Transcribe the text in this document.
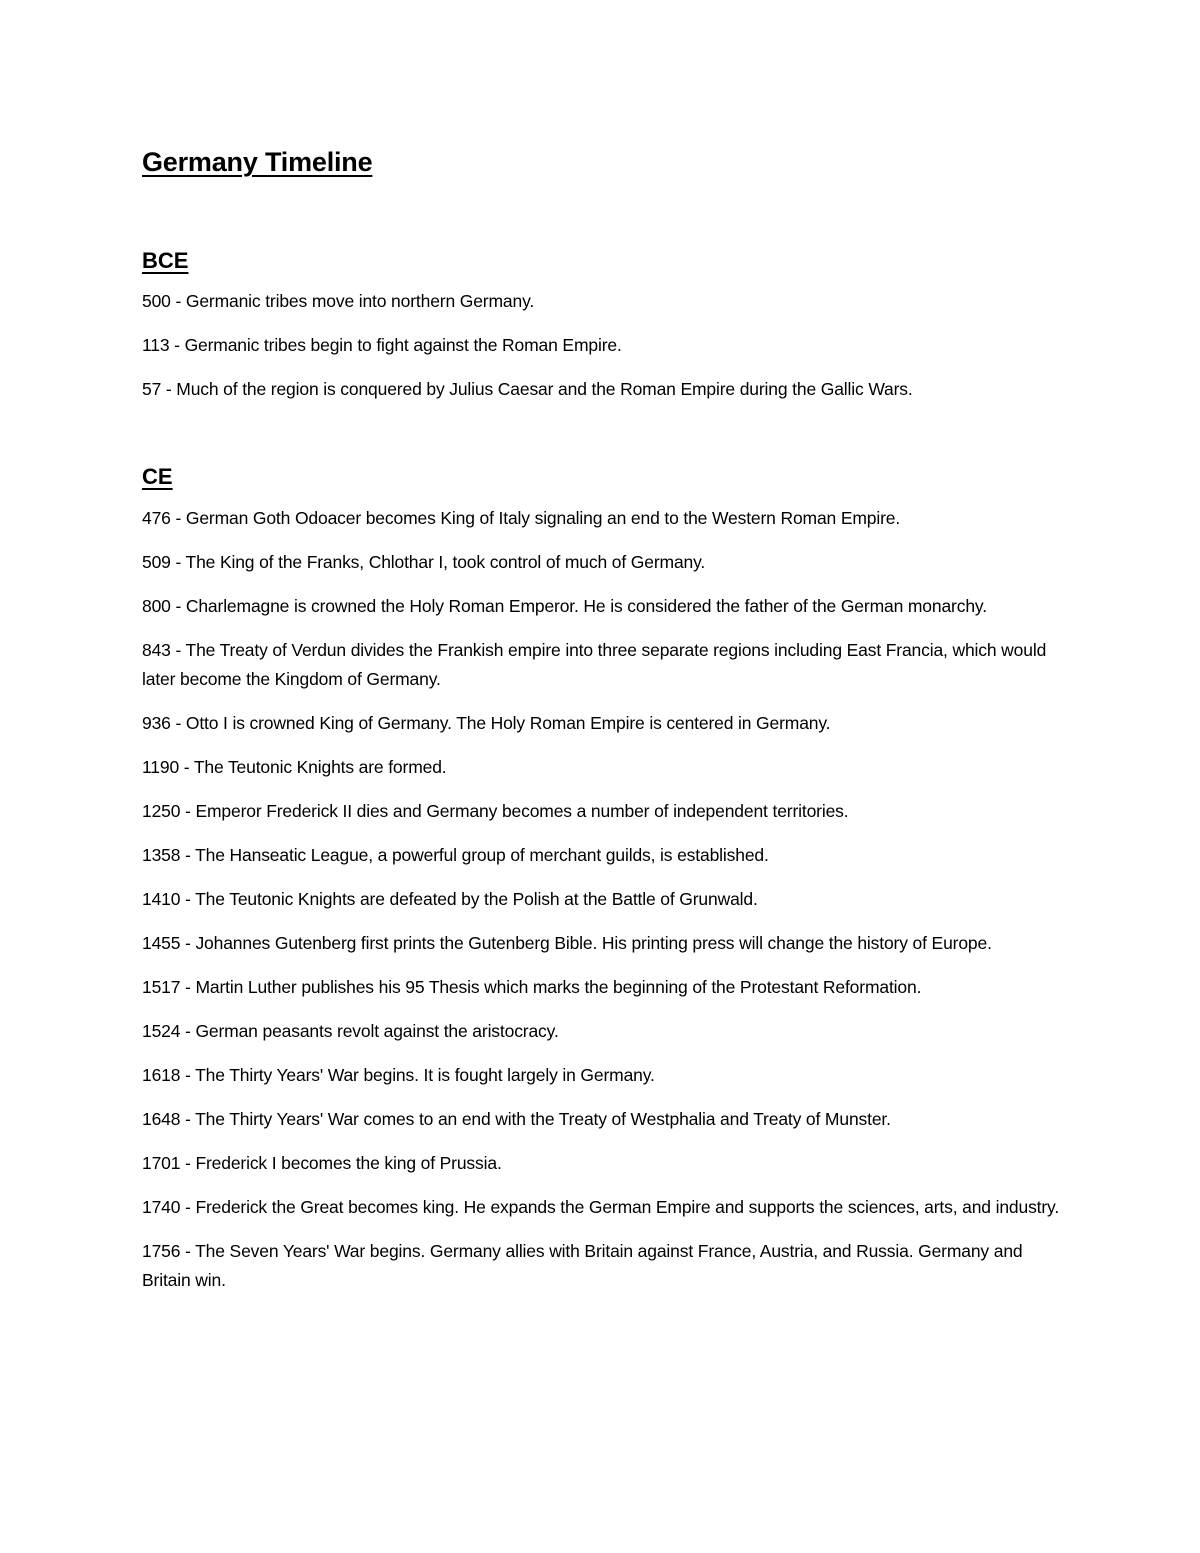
Germany Timeline
BCE
500 - Germanic tribes move into northern Germany.
113 - Germanic tribes begin to fight against the Roman Empire.
57 - Much of the region is conquered by Julius Caesar and the Roman Empire during the Gallic Wars.
CE
476 - German Goth Odoacer becomes King of Italy signaling an end to the Western Roman Empire.
509 - The King of the Franks, Chlothar I, took control of much of Germany.
800 - Charlemagne is crowned the Holy Roman Emperor. He is considered the father of the German monarchy.
843 - The Treaty of Verdun divides the Frankish empire into three separate regions including East Francia, which would later become the Kingdom of Germany.
936 - Otto I is crowned King of Germany. The Holy Roman Empire is centered in Germany.
1190 - The Teutonic Knights are formed.
1250 - Emperor Frederick II dies and Germany becomes a number of independent territories.
1358 - The Hanseatic League, a powerful group of merchant guilds, is established.
1410 - The Teutonic Knights are defeated by the Polish at the Battle of Grunwald.
1455 - Johannes Gutenberg first prints the Gutenberg Bible. His printing press will change the history of Europe.
1517 - Martin Luther publishes his 95 Thesis which marks the beginning of the Protestant Reformation.
1524 - German peasants revolt against the aristocracy.
1618 - The Thirty Years' War begins. It is fought largely in Germany.
1648 - The Thirty Years' War comes to an end with the Treaty of Westphalia and Treaty of Munster.
1701 - Frederick I becomes the king of Prussia.
1740 - Frederick the Great becomes king. He expands the German Empire and supports the sciences, arts, and industry.
1756 - The Seven Years' War begins. Germany allies with Britain against France, Austria, and Russia. Germany and Britain win.
